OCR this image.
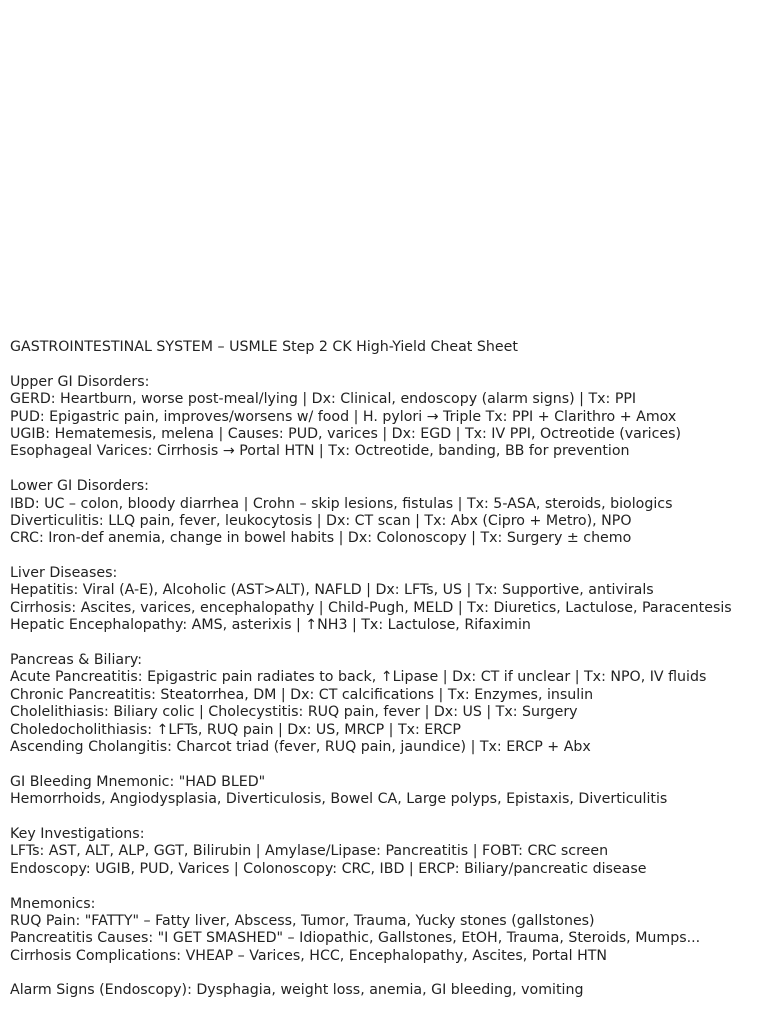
GASTROINTESTINAL SYSTEM – USMLE Step 2 CK High-Yield Cheat Sheet
Upper GI Disorders:
GERD: Heartburn, worse post-meal/lying | Dx: Clinical, endoscopy (alarm signs) | Tx: PPI
PUD: Epigastric pain, improves/worsens w/ food | H. pylori → Triple Tx: PPI + Clarithro + Amox
UGIB: Hematemesis, melena | Causes: PUD, varices | Dx: EGD | Tx: IV PPI, Octreotide (varices)
Esophageal Varices: Cirrhosis → Portal HTN | Tx: Octreotide, banding, BB for prevention
Lower GI Disorders:
IBD: UC – colon, bloody diarrhea | Crohn – skip lesions, fistulas | Tx: 5-ASA, steroids, biologics
Diverticulitis: LLQ pain, fever, leukocytosis | Dx: CT scan | Tx: Abx (Cipro + Metro), NPO
CRC: Iron-def anemia, change in bowel habits | Dx: Colonoscopy | Tx: Surgery ± chemo
Liver Diseases:
Hepatitis: Viral (A-E), Alcoholic (AST>ALT), NAFLD | Dx: LFTs, US | Tx: Supportive, antivirals
Cirrhosis: Ascites, varices, encephalopathy | Child-Pugh, MELD | Tx: Diuretics, Lactulose, Paracentesis
Hepatic Encephalopathy: AMS, asterixis | ↑NH3 | Tx: Lactulose, Rifaximin
Pancreas & Biliary:
Acute Pancreatitis: Epigastric pain radiates to back, ↑Lipase | Dx: CT if unclear | Tx: NPO, IV fluids
Chronic Pancreatitis: Steatorrhea, DM | Dx: CT calcifications | Tx: Enzymes, insulin
Cholelithiasis: Biliary colic | Cholecystitis: RUQ pain, fever | Dx: US | Tx: Surgery
Choledocholithiasis: ↑LFTs, RUQ pain | Dx: US, MRCP | Tx: ERCP
Ascending Cholangitis: Charcot triad (fever, RUQ pain, jaundice) | Tx: ERCP + Abx
GI Bleeding Mnemonic: "HAD BLED"
Hemorrhoids, Angiodysplasia, Diverticulosis, Bowel CA, Large polyps, Epistaxis, Diverticulitis
Key Investigations:
LFTs: AST, ALT, ALP, GGT, Bilirubin | Amylase/Lipase: Pancreatitis | FOBT: CRC screen
Endoscopy: UGIB, PUD, Varices | Colonoscopy: CRC, IBD | ERCP: Biliary/pancreatic disease
Mnemonics:
RUQ Pain: "FATTY" – Fatty liver, Abscess, Tumor, Trauma, Yucky stones (gallstones)
Pancreatitis Causes: "I GET SMASHED" – Idiopathic, Gallstones, EtOH, Trauma, Steroids, Mumps...
Cirrhosis Complications: VHEAP – Varices, HCC, Encephalopathy, Ascites, Portal HTN
Alarm Signs (Endoscopy): Dysphagia, weight loss, anemia, GI bleeding, vomiting
